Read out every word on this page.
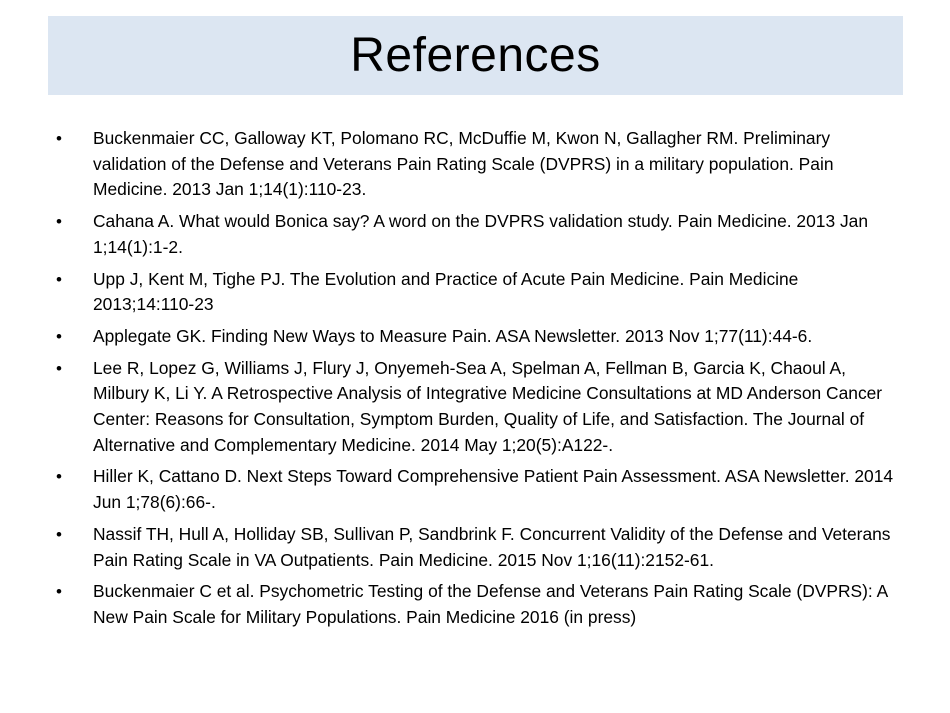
References
• Buckenmaier CC, Galloway KT, Polomano RC, McDuffie M, Kwon N, Gallagher RM. Preliminary validation of the Defense and Veterans Pain Rating Scale (DVPRS) in a military population. Pain Medicine. 2013 Jan 1;14(1):110-23.
• Cahana A. What would Bonica say? A word on the DVPRS validation study. Pain Medicine. 2013 Jan 1;14(1):1-2.
• Upp J, Kent M, Tighe PJ. The Evolution and Practice of Acute Pain Medicine. Pain Medicine 2013;14:110-23
• Applegate GK. Finding New Ways to Measure Pain. ASA Newsletter. 2013 Nov 1;77(11):44-6.
• Lee R, Lopez G, Williams J, Flury J, Onyemeh-Sea A, Spelman A, Fellman B, Garcia K, Chaoul A, Milbury K, Li Y. A Retrospective Analysis of Integrative Medicine Consultations at MD Anderson Cancer Center: Reasons for Consultation, Symptom Burden, Quality of Life, and Satisfaction. The Journal of Alternative and Complementary Medicine. 2014 May 1;20(5):A122-.
• Hiller K, Cattano D. Next Steps Toward Comprehensive Patient Pain Assessment. ASA Newsletter. 2014 Jun 1;78(6):66-.
• Nassif TH, Hull A, Holliday SB, Sullivan P, Sandbrink F. Concurrent Validity of the Defense and Veterans Pain Rating Scale in VA Outpatients. Pain Medicine. 2015 Nov 1;16(11):2152-61.
• Buckenmaier C et al. Psychometric Testing of the Defense and Veterans Pain Rating Scale (DVPRS): A New Pain Scale for Military Populations. Pain Medicine 2016 (in press)
